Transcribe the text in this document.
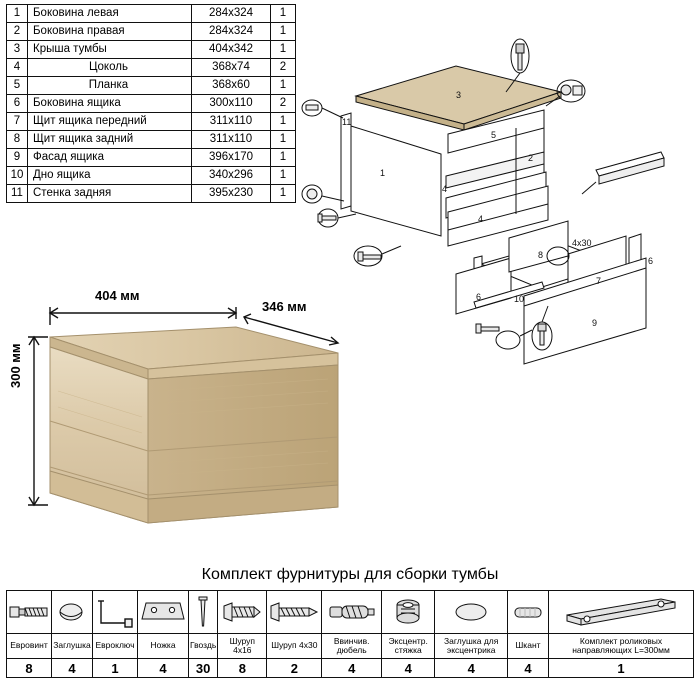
1	Боковина левая	284х324	1
2	Боковина правая	284х324	1
3	Крыша тумбы	404х342	1
4	Цоколь	368х74	2
5	Планка	368х60	1
6	Боковина ящика	300х110	2
7	Щит ящика передний	311х110	1
8	Щит ящика задний	311х110	1
9	Фасад ящика	396х170	1
10	Дно ящика	340х296	1
11	Стенка задняя	395х230	1
3
1
2
4
4
5
11
8
7
6
6	10
9
4х30
404 мм
346 мм
300 мм
Комплект фурнитуры для сборки тумбы

Еврoвинт	Заглушка	Еврoключ	Ножка	Гвоздь	Шуруп 4х16	Шуруп 4х30	Ввинчив. дюбель	Эксцентр. стяжка	Заглушка для эксцентрика	Шкант	Комплект роликовых направляющих L=300мм
8	4	1	4	30	8	2	4	4	4	4	1
